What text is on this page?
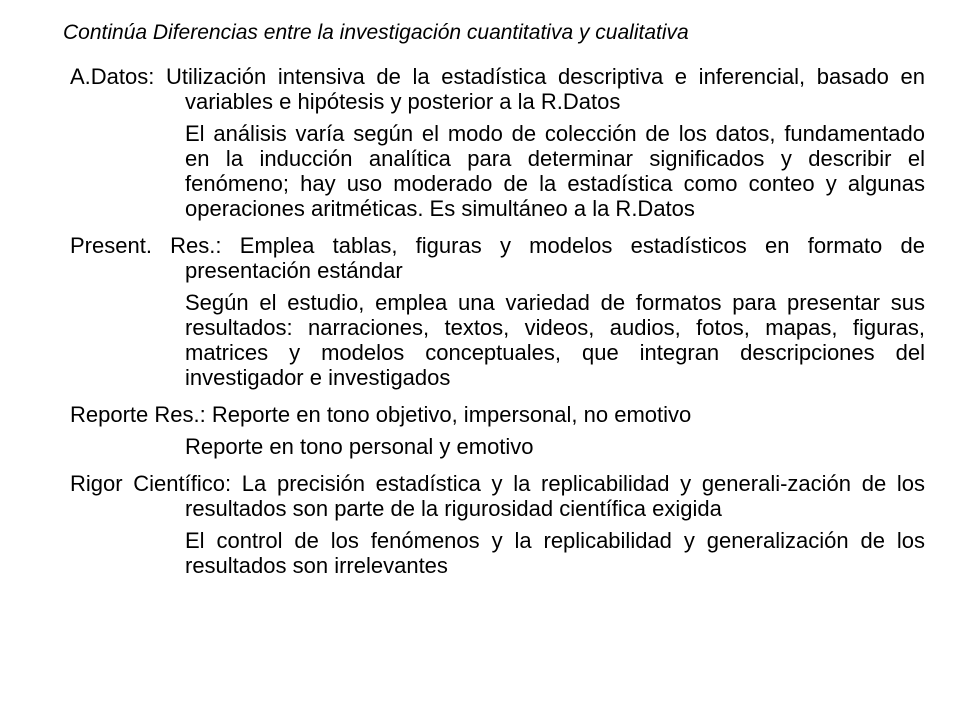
Continúa Diferencias entre la investigación cuantitativa y cualitativa

A.Datos: Utilización intensiva de la estadística descriptiva e inferencial, basado en variables e hipótesis y posterior a la R.Datos

El análisis varía según el modo de colección de los datos, fundamentado en la inducción analítica para determinar significados y describir el fenómeno; hay uso moderado de la estadística como conteo y algunas operaciones aritméticas. Es simultáneo a la R.Datos

Present. Res.: Emplea tablas, figuras y modelos estadísticos en formato de presentación estándar

Según el estudio, emplea una variedad de formatos para presentar sus resultados: narraciones, textos, videos, audios, fotos, mapas, figuras, matrices y modelos conceptuales, que integran descripciones del investigador e investigados

Reporte Res.: Reporte en tono objetivo, impersonal, no emotivo

Reporte en tono personal y emotivo

Rigor Científico: La precisión estadística y la replicabilidad y generali-zación de los resultados son parte de la rigurosidad científica exigida

El control de los fenómenos y la replicabilidad y generalización de los resultados son irrelevantes
